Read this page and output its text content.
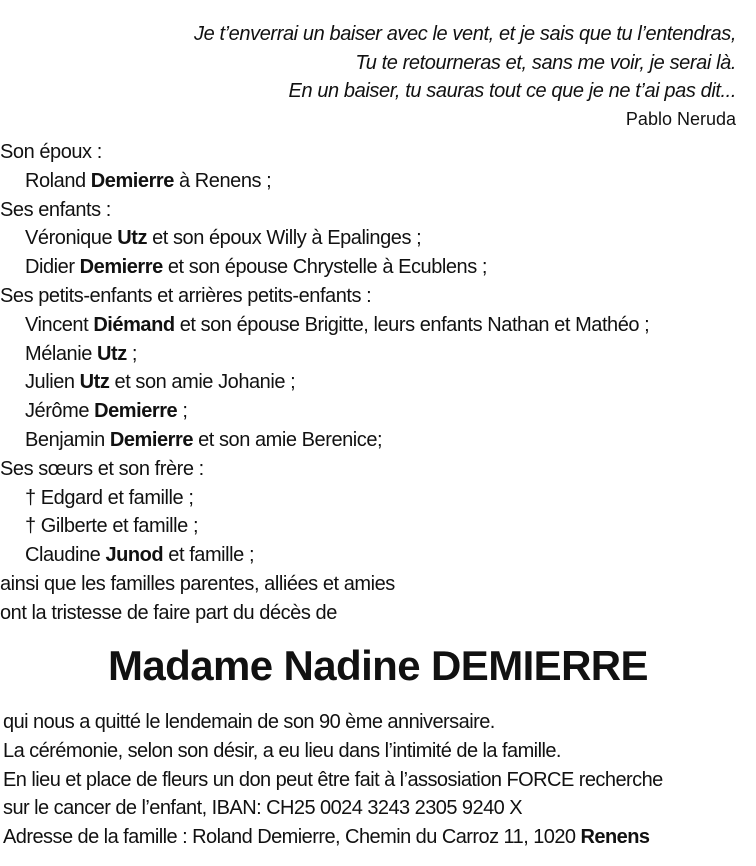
Je t’enverrai un baiser avec le vent, et je sais que tu l’entendras,
Tu te retourneras et, sans me voir, je serai là.
En un baiser, tu sauras tout ce que je ne t’ai pas dit...
Pablo Neruda
Son époux :
Roland Demierre à Renens ;
Ses enfants :
Véronique Utz et son époux Willy à Epalinges ;
Didier Demierre et son épouse Chrystelle à Ecublens ;
Ses petits-enfants et arrières petits-enfants :
Vincent Diémand et son épouse Brigitte, leurs enfants Nathan et Mathéo ;
Mélanie Utz ;
Julien Utz et son amie Johanie ;
Jérôme Demierre ;
Benjamin Demierre et son amie Berenice;
Ses sœurs et son frère :
† Edgard et famille ;
† Gilberte et famille ;
Claudine Junod et famille ;
ainsi que les familles parentes, alliées et amies
ont la tristesse de faire part du décès de
Madame Nadine DEMIERRE
qui nous a quitté le lendemain de son 90 ème anniversaire.
La cérémonie, selon son désir, a eu lieu dans l’intimité de la famille.
En lieu et place de fleurs un don peut être fait à l’assosiation FORCE recherche
sur le cancer de l’enfant, IBAN: CH25 0024 3243 2305 9240 X
Adresse de la famille : Roland Demierre, Chemin du Carroz 11, 1020 Renens
